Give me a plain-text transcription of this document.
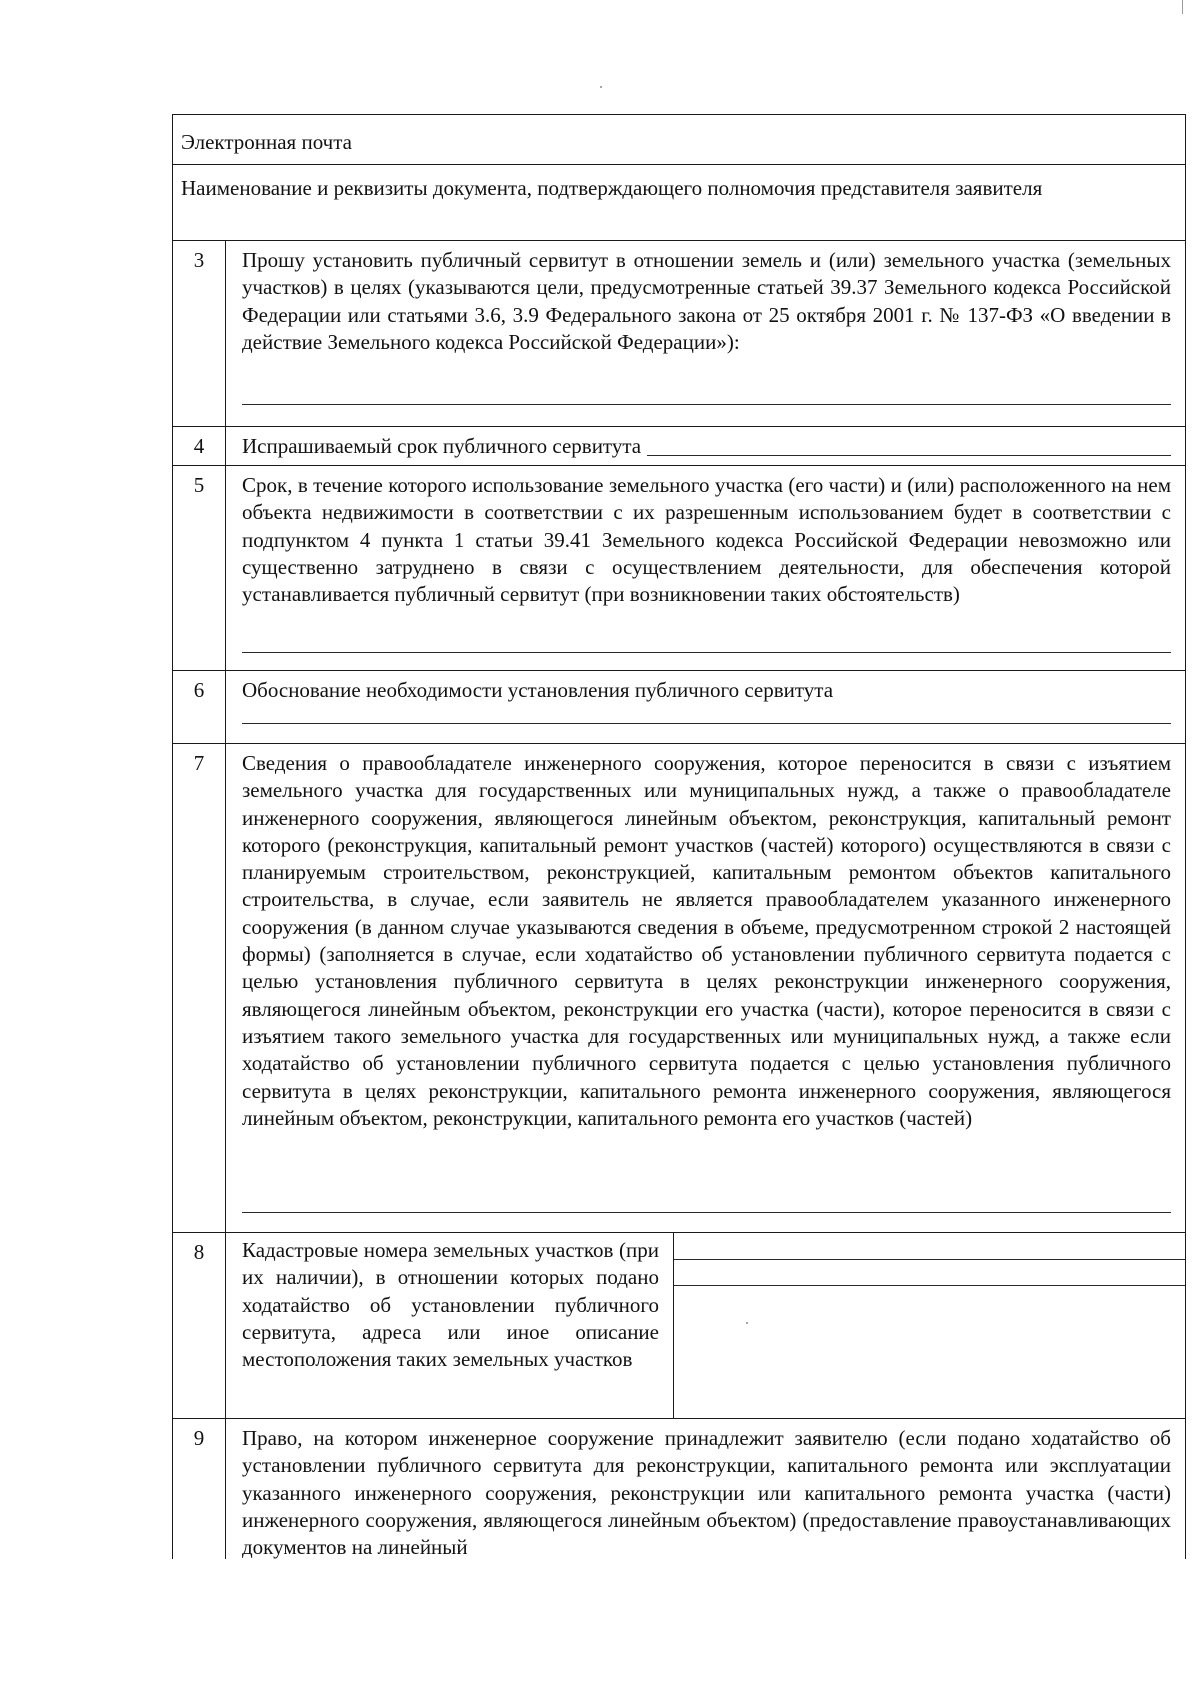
Электронная почта
Наименование и реквизиты документа, подтверждающего полномочия представителя заявителя
3	Прошу установить публичный сервитут в отношении земель и (или) земельного участка (земельных участков) в целях (указываются цели, предусмотренные статьей 39.37 Земельного кодекса Российской Федерации или статьями 3.6, 3.9 Федерального закона от 25 октября 2001 г. № 137-ФЗ «О введении в действие Земельного кодекса Российской Федерации»):

4	Испрашиваемый срок публичного сервитута

5	Срок, в течение которого использование земельного участка (его части) и (или) расположенного на нем объекта недвижимости в соответствии с их разрешенным использованием будет в соответствии с подпунктом 4 пункта 1 статьи 39.41 Земельного кодекса Российской Федерации невозможно или существенно затруднено в связи с осуществлением деятельности, для обеспечения которой устанавливается публичный сервитут (при возникновении таких обстоятельств)

6	Обоснование необходимости установления публичного сервитута

7	Сведения о правообладателе инженерного сооружения, которое переносится в связи с изъятием земельного участка для государственных или муниципальных нужд, а также о правообладателе инженерного сооружения, являющегося линейным объектом, реконструкция, капитальный ремонт которого (реконструкция, капитальный ремонт участков (частей) которого) осуществляются в связи с планируемым строительством, реконструкцией, капитальным ремонтом объектов капитального строительства, в случае, если заявитель не является правообладателем указанного инженерного сооружения (в данном случае указываются сведения в объеме, предусмотренном строкой 2 настоящей формы) (заполняется в случае, если ходатайство об установлении публичного сервитута подается с целью установления публичного сервитута в целях реконструкции инженерного сооружения, являющегося линейным объектом, реконструкции его участка (части), которое переносится в связи с изъятием такого земельного участка для государственных или муниципальных нужд, а также если ходатайство об установлении публичного сервитута подается с целью установления публичного сервитута в целях реконструкции, капитального ремонта инженерного сооружения, являющегося линейным объектом, реконструкции, капитального ремонта его участков (частей)

8	Кадастровые номера земельных участков (при их наличии), в отношении которых подано ходатайство об установлении публичного сервитута, адреса или иное описание местоположения таких земельных участков

9	Право, на котором инженерное сооружение принадлежит заявителю (если подано ходатайство об установлении публичного сервитута для реконструкции, капитального ремонта или эксплуатации указанного инженерного сооружения, реконструкции или капитального ремонта участка (части) инженерного сооружения, являющегося линейным объектом) (предоставление правоустанавливающих документов на линейный
